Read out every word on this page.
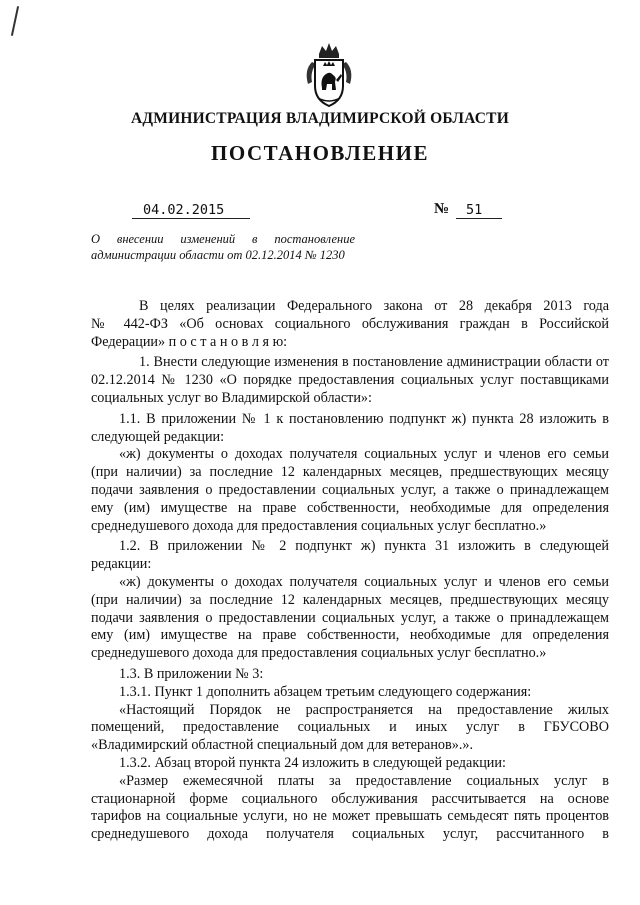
АДМИНИСТРАЦИЯ ВЛАДИМИРСКОЙ ОБЛАСТИ
ПОСТАНОВЛЕНИЕ
04.02.2015	№ 51
О внесении изменений в постановление
администрации области от 02.12.2014 № 1230
В целях реализации Федерального закона от 28 декабря 2013 года
№ 442-ФЗ «Об основах социального обслуживания граждан в Российской
Федерации» п о с т а н о в л я ю:
1. Внести следующие изменения в постановление администрации области от
02.12.2014 № 1230 «О порядке предоставления социальных услуг поставщиками
социальных услуг во Владимирской области»:
1.1. В приложении № 1 к постановлению подпункт ж) пункта 28 изложить в
следующей редакции:
«ж) документы о доходах получателя социальных услуг и членов его семьи
(при наличии) за последние 12 календарных месяцев, предшествующих месяцу
подачи заявления о предоставлении социальных услуг, а также о принадлежащем
ему (им) имуществе на праве собственности, необходимые для определения
среднедушевого дохода для предоставления социальных услуг бесплатно.»
1.2. В приложении № 2 подпункт ж) пункта 31 изложить в следующей
редакции:
«ж) документы о доходах получателя социальных услуг и членов его семьи
(при наличии) за последние 12 календарных месяцев, предшествующих месяцу
подачи заявления о предоставлении социальных услуг, а также о принадлежащем
ему (им) имуществе на праве собственности, необходимые для определения
среднедушевого дохода для предоставления социальных услуг бесплатно.»
1.3. В приложении № 3:
1.3.1. Пункт 1 дополнить абзацем третьим следующего содержания:
«Настоящий Порядок не распространяется на предоставление жилых
помещений, предоставление социальных и иных услуг в ГБУСОВО
«Владимирский областной специальный дом для ветеранов».».
1.3.2. Абзац второй пункта 24 изложить в следующей редакции:
«Размер ежемесячной платы за предоставление социальных услуг в
стационарной форме социального обслуживания рассчитывается на основе
тарифов на социальные услуги, но не может превышать семьдесят пять процентов
среднедушевого дохода получателя социальных услуг, рассчитанного в
